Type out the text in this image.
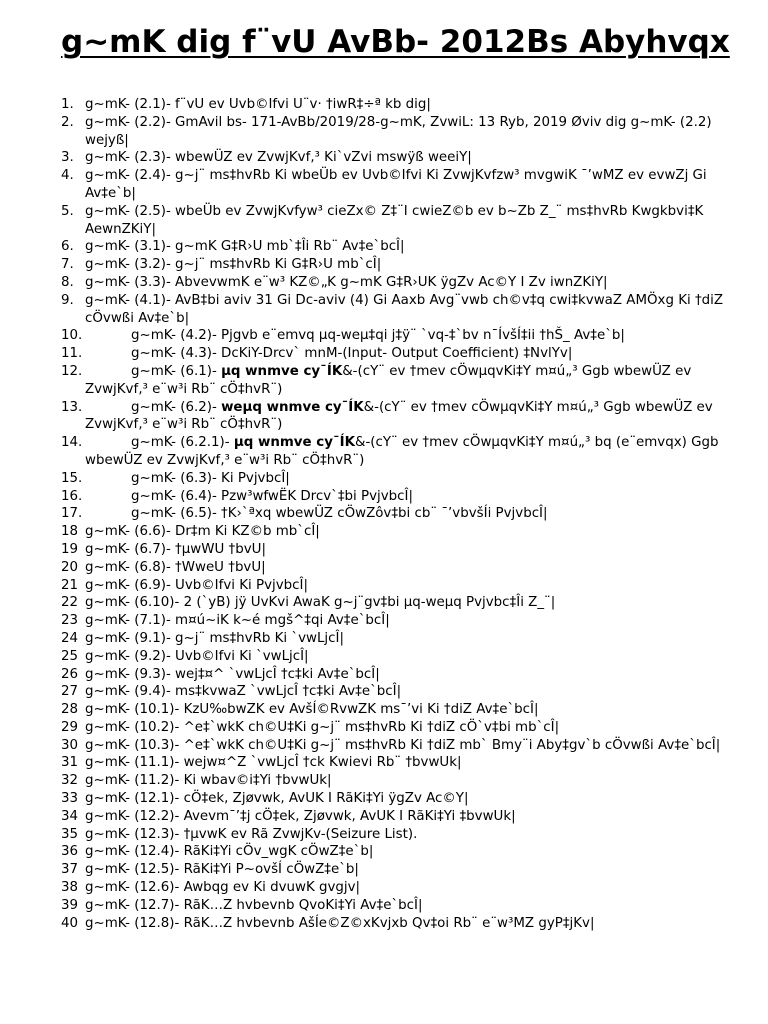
g~mK dig f¨vU AvBb- 2012Bs Abyhvqx
1. g~mK- (2.1)- f¨vU ev Uvb©Ifvi U¨v· †iwR‡÷ª kb dig|
2. g~mK- (2.2)- GmAvil bs- 171-AvBb/2019/28-g~mK, ZvwiL: 13 Ryb, 2019 Øviv dig g~mK- (2.2) wejyß|
3. g~mK- (2.3)- wbewÜZ ev ZvwjKvf‚³ Ki`vZvi mswÿß weeiY|
4. g~mK- (2.4)- g~j¨ ms‡hvRb Ki wbeÜb ev Uvb©Ifvi Ki ZvwjKvfzw³ mvgwiK ¯’wMZ ev evwZj Gi Av‡e`b|
5. g~mK- (2.5)- wbeÜb ev ZvwjKvfyw³ cieZx© Z‡¨I cwieZ©b ev b~Zb Z_¨ ms‡hvRb Kwgkbvi‡K AewnZKiY|
6. g~mK- (3.1)- g~mK G‡R›U mb`‡Îi Rb¨ Av‡e`bcÎ|
7. g~mK- (3.2)- g~j¨ ms‡hvRb Ki G‡R›U mb`cÎ|
8. g~mK- (3.3)- AbvevwmK e¨w³ KZ©„K g~mK G‡R›UK ÿgZv Ac©Y I Zv iwnZKiY|
9. g~mK- (4.1)- AvB‡bi aviv 31 Gi Dc-aviv (4) Gi Aaxb Avg¨vwb ch©v‡q cwi‡kvwaZ AMÖxg Ki †diZ cÖvwßi Av‡e`b|
10.	g~mK- (4.2)- Pjgvb e¨emvq µq-weµ‡qi j‡ÿ¨ `vq-‡`bv n¯ÍvšÍ‡ii †hŠ_ Av‡e`b|
11.	g~mK- (4.3)- DcKiY-Drcv` mnM-(Input- Output Coefficient) ‡NvlYv|
12.	g~mK- (6.1)- µq wnmve cy¯ÍK&-(cY¨ ev †mev cÖwµqvKi‡Y m¤ú„³ Ggb wbewÜZ ev ZvwjKvf‚³ e¨w³i Rb¨ cÖ‡hvR¨)
13.	g~mK- (6.2)- weµq wnmve cy¯ÍK&-(cY¨ ev †mev cÖwµqvKi‡Y m¤ú„³ Ggb wbewÜZ ev ZvwjKvf‚³ e¨w³i Rb¨ cÖ‡hvR¨)
14.	g~mK- (6.2.1)- µq wnmve cy¯ÍK&-(cY¨ ev †mev cÖwµqvKi‡Y m¤ú„³ bq (e¨emvqx) Ggb wbewÜZ ev ZvwjKvf‚³ e¨w³i Rb¨ cÖ‡hvR¨)
15.	g~mK- (6.3)- Ki PvjvbcÎ|
16.	g~mK- (6.4)- Pzw³wfwËK Drcv`‡bi PvjvbcÎ|
17.	g~mK- (6.5)- †K›`ªxq wbewÜZ cÖwZôv‡bi cb¨ ¯’vbvšÍi PvjvbcÎ|
18 g~mK- (6.6)- Dr‡m Ki KZ©b mb`cÎ|
19 g~mK- (6.7)- †µwWU †bvU|
20 g~mK- (6.8)- †WweU †bvU|
21 g~mK- (6.9)- Uvb©Ifvi Ki PvjvbcÎ|
22 g~mK- (6.10)- 2 (`yB) jÿ UvKvi AwaK g~j¨gv‡bi µq-weµq Pvjvbc‡Îi Z_¨|
23 g~mK- (7.1)- m¤ú~iK k~é mgš^‡qi Av‡e`bcÎ|
24 g~mK- (9.1)- g~j¨ ms‡hvRb Ki `vwLjcÎ|
25 g~mK- (9.2)- Uvb©Ifvi Ki `vwLjcÎ|
26 g~mK- (9.3)- wej‡¤^ `vwLjcÎ †c‡ki Av‡e`bcÎ|
27 g~mK- (9.4)- ms‡kvwaZ `vwLjcÎ †c‡ki Av‡e`bcÎ|
28 g~mK- (10.1)- KzU‰bwZK ev AvšÍ©RvwZK ms¯’vi Ki †diZ Av‡e`bcÎ|
29 g~mK- (10.2)- ^e‡`wkK ch©U‡Ki g~j¨ ms‡hvRb Ki †diZ cÖ`v‡bi mb`cÎ|
30 g~mK- (10.3)- ^e‡`wkK ch©U‡Ki g~j¨ ms‡hvRb Ki †diZ mb` Bmy¨i Aby‡gv`b cÖvwßi Av‡e`bcÎ|
31 g~mK- (11.1)- wejw¤^Z `vwLjcÎ †ck Kwievi Rb¨ †bvwUk|
32 g~mK- (11.2)- Ki wbav©i‡Yi †bvwUk|
33 g~mK- (12.1)- cÖ‡ek, Zjøvwk, AvUK I RãKi‡Yi ÿgZv Ac©Y|
34 g~mK- (12.2)- Avevm¯’‡j cÖ‡ek, Zjøvwk, AvUK I RãKi‡Yi ‡bvwUk|
35 g~mK- (12.3)- †µvwK ev Rã ZvwjKv-(Seizure List).
36 g~mK- (12.4)- RãKi‡Yi cÖv_wgK cÖwZ‡e`b|
37 g~mK- (12.5)- RãKi‡Yi P~ovšÍ cÖwZ‡e`b|
38 g~mK- (12.6)- Awbqg ev Ki dvuwK gvgjv|
39 g~mK- (12.7)- RãK…Z hvbevnb QvoKi‡Yi Av‡e`bcÎ|
40 g~mK- (12.8)- RãK…Z hvbevnb AšÍe©Z©xKvjxb Qv‡oi Rb¨ e¨w³MZ gyP‡jKv|
